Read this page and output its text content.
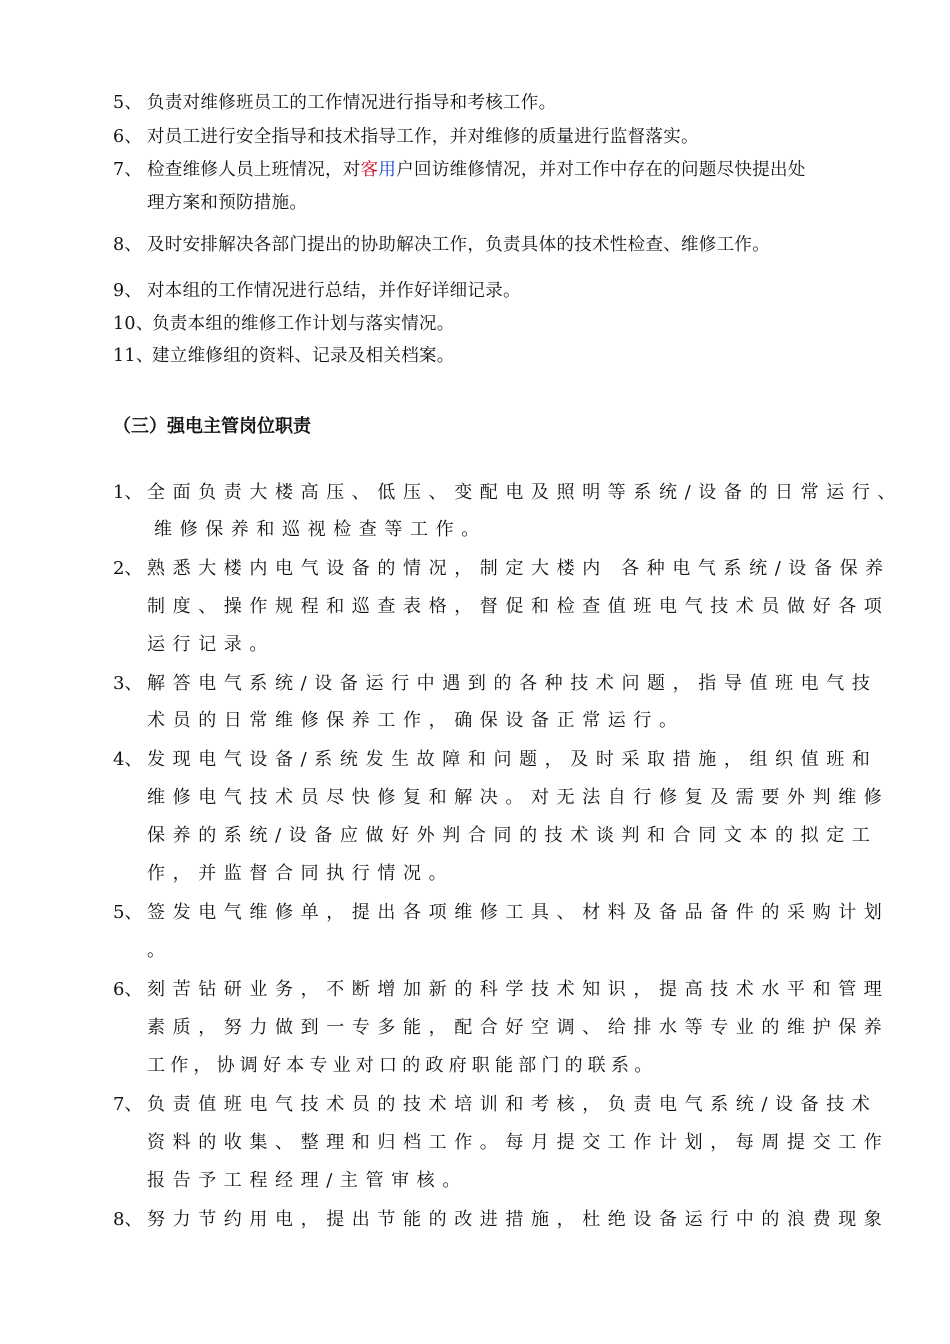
5、 负责对维修班员工的工作情况进行指导和考核工作。
6、 对员工进行安全指导和技术指导工作，并对维修的质量进行监督落实。
7、 检查维修人员上班情况，对客用户回访维修情况，并对工作中存在的问题尽快提出处
理方案和预防措施。
8、 及时安排解决各部门提出的协助解决工作，负责具体的技术性检查、维修工作。
9、 对本组的工作情况进行总结，并作好详细记录。
10、
负责本组的维修工作计划与落实情况。
11、
建立维修组的资料、记录及相关档案。
（三）强电主管岗位职责
1、 全面负责大楼高压、低压、变配电及照明等系统/设备的日常运行、
维修保养和巡视检查等工作。
2、 熟悉大楼内电气设备的情况，制定大楼内 各种电气系统/设备保养
制度、操作规程和巡查表格，督促和检查值班电气技术员做好各项
运行记录。
3、 解答电气系统/设备运行中遇到的各种技术问题，指导值班电气技
术员的日常维修保养工作，确保设备正常运行。
4、 发现电气设备/系统发生故障和问题，及时采取措施，组织值班和
维修电气技术员尽快修复和解决。对无法自行修复及需要外判维修
保养的系统/设备应做好外判合同的技术谈判和合同文本的拟定工
作，并监督合同执行情况。
5、 签发电气维修单，提出各项维修工具、材料及备品备件的采购计划
。
6、 刻苦钻研业务，不断增加新的科学技术知识，提高技术水平和管理
素质，努力做到一专多能，配合好空调、给排水等专业的维护保养
工作，协调好本专业对口的政府职能部门的联系。
7、 负责值班电气技术员的技术培训和考核，负责电气系统/设备技术
资料的收集、整理和归档工作。每月提交工作计划，每周提交工作
报告予工程经理/主管审核。
8、 努力节约用电，提出节能的改进措施，杜绝设备运行中的浪费现象
